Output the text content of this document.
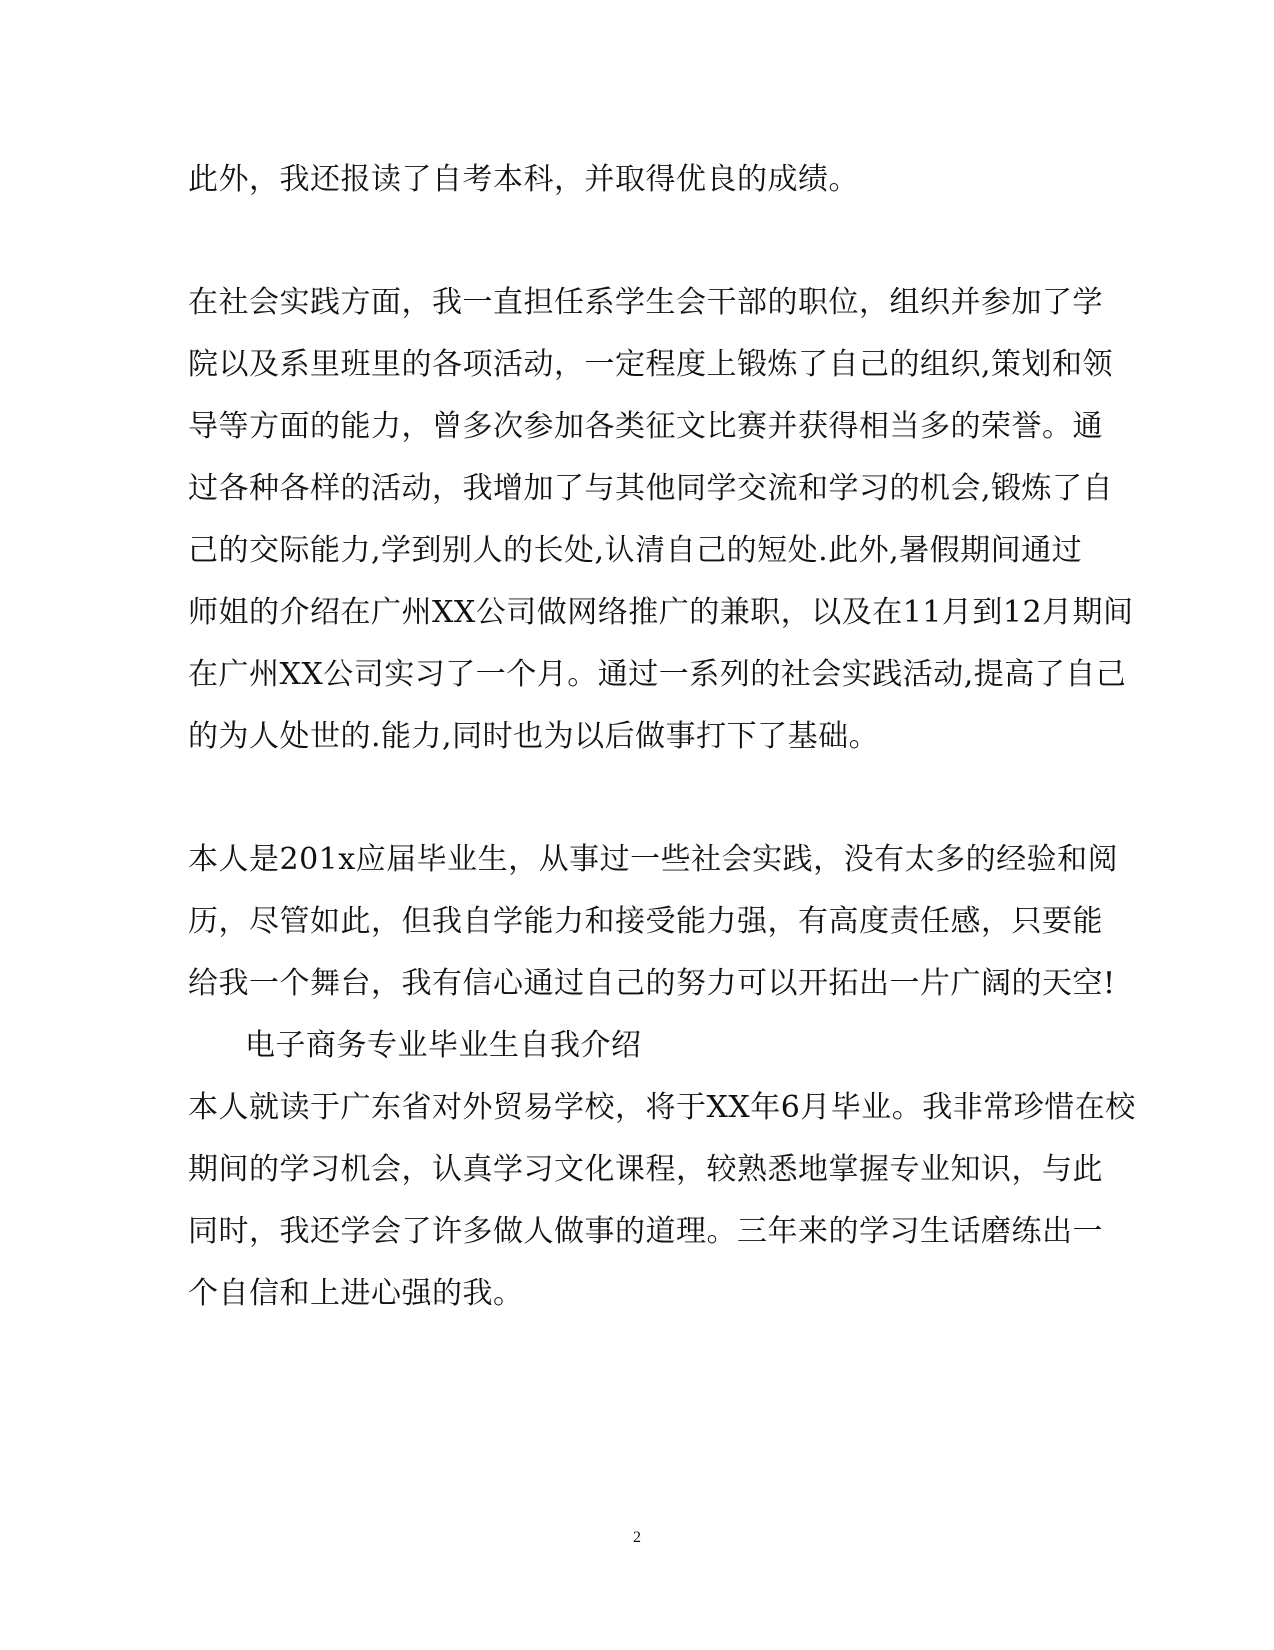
此外，我还报读了自考本科，并取得优良的成绩。

在社会实践方面，我一直担任系学生会干部的职位，组织并参加了学

院以及系里班里的各项活动，一定程度上锻炼了自己的组织,策划和领

导等方面的能力，曾多次参加各类征文比赛并获得相当多的荣誉。通

过各种各样的活动，我增加了与其他同学交流和学习的机会,锻炼了自

己的交际能力,学到别人的长处,认清自己的短处.此外,暑假期间通过

师姐的介绍在广州XX公司做网络推广的兼职，以及在11月到12月期间

在广州XX公司实习了一个月。通过一系列的社会实践活动,提高了自己

的为人处世的.能力,同时也为以后做事打下了基础。

本人是201x应届毕业生，从事过一些社会实践，没有太多的经验和阅

历，尽管如此，但我自学能力和接受能力强，有高度责任感，只要能

给我一个舞台，我有信心通过自己的努力可以开拓出一片广阔的天空!

电子商务专业毕业生自我介绍

本人就读于广东省对外贸易学校，将于XX年6月毕业。我非常珍惜在校

期间的学习机会，认真学习文化课程，较熟悉地掌握专业知识，与此

同时，我还学会了许多做人做事的道理。三年来的学习生话磨练出一

个自信和上进心强的我。

2
